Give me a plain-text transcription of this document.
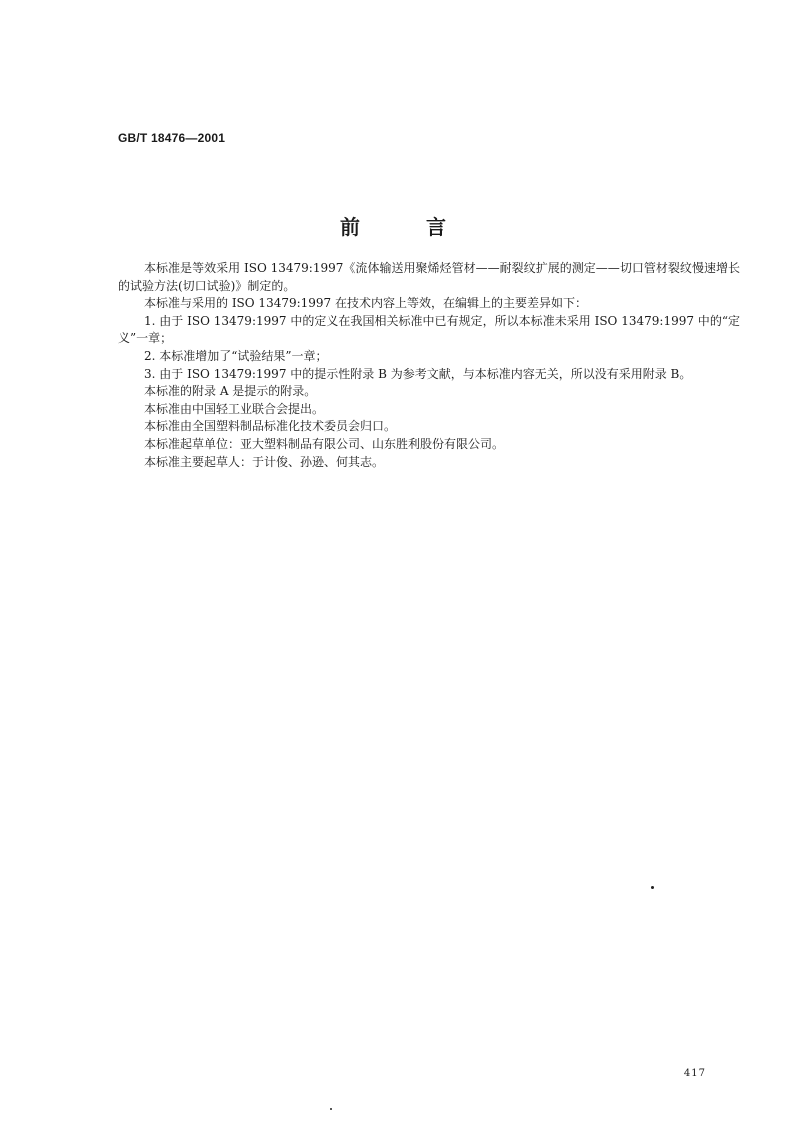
GB/T 18476—2001
前言

本标准是等效采用 ISO 13479:1997《流体输送用聚烯烃管材——耐裂纹扩展的测定——切口管材裂纹慢速增长的试验方法(切口试验)》制定的。

本标准与采用的 ISO 13479:1997 在技术内容上等效，在编辑上的主要差异如下：

1. 由于 ISO 13479:1997 中的定义在我国相关标准中已有规定，所以本标准未采用 ISO 13479:1997 中的“定义”一章；

2. 本标准增加了“试验结果”一章；

3. 由于 ISO 13479:1997 中的提示性附录 B 为参考文献，与本标准内容无关，所以没有采用附录 B。

本标准的附录 A 是提示的附录。

本标准由中国轻工业联合会提出。

本标准由全国塑料制品标准化技术委员会归口。

本标准起草单位：亚大塑料制品有限公司、山东胜利股份有限公司。

本标准主要起草人：于计俊、孙逊、何其志。

417
